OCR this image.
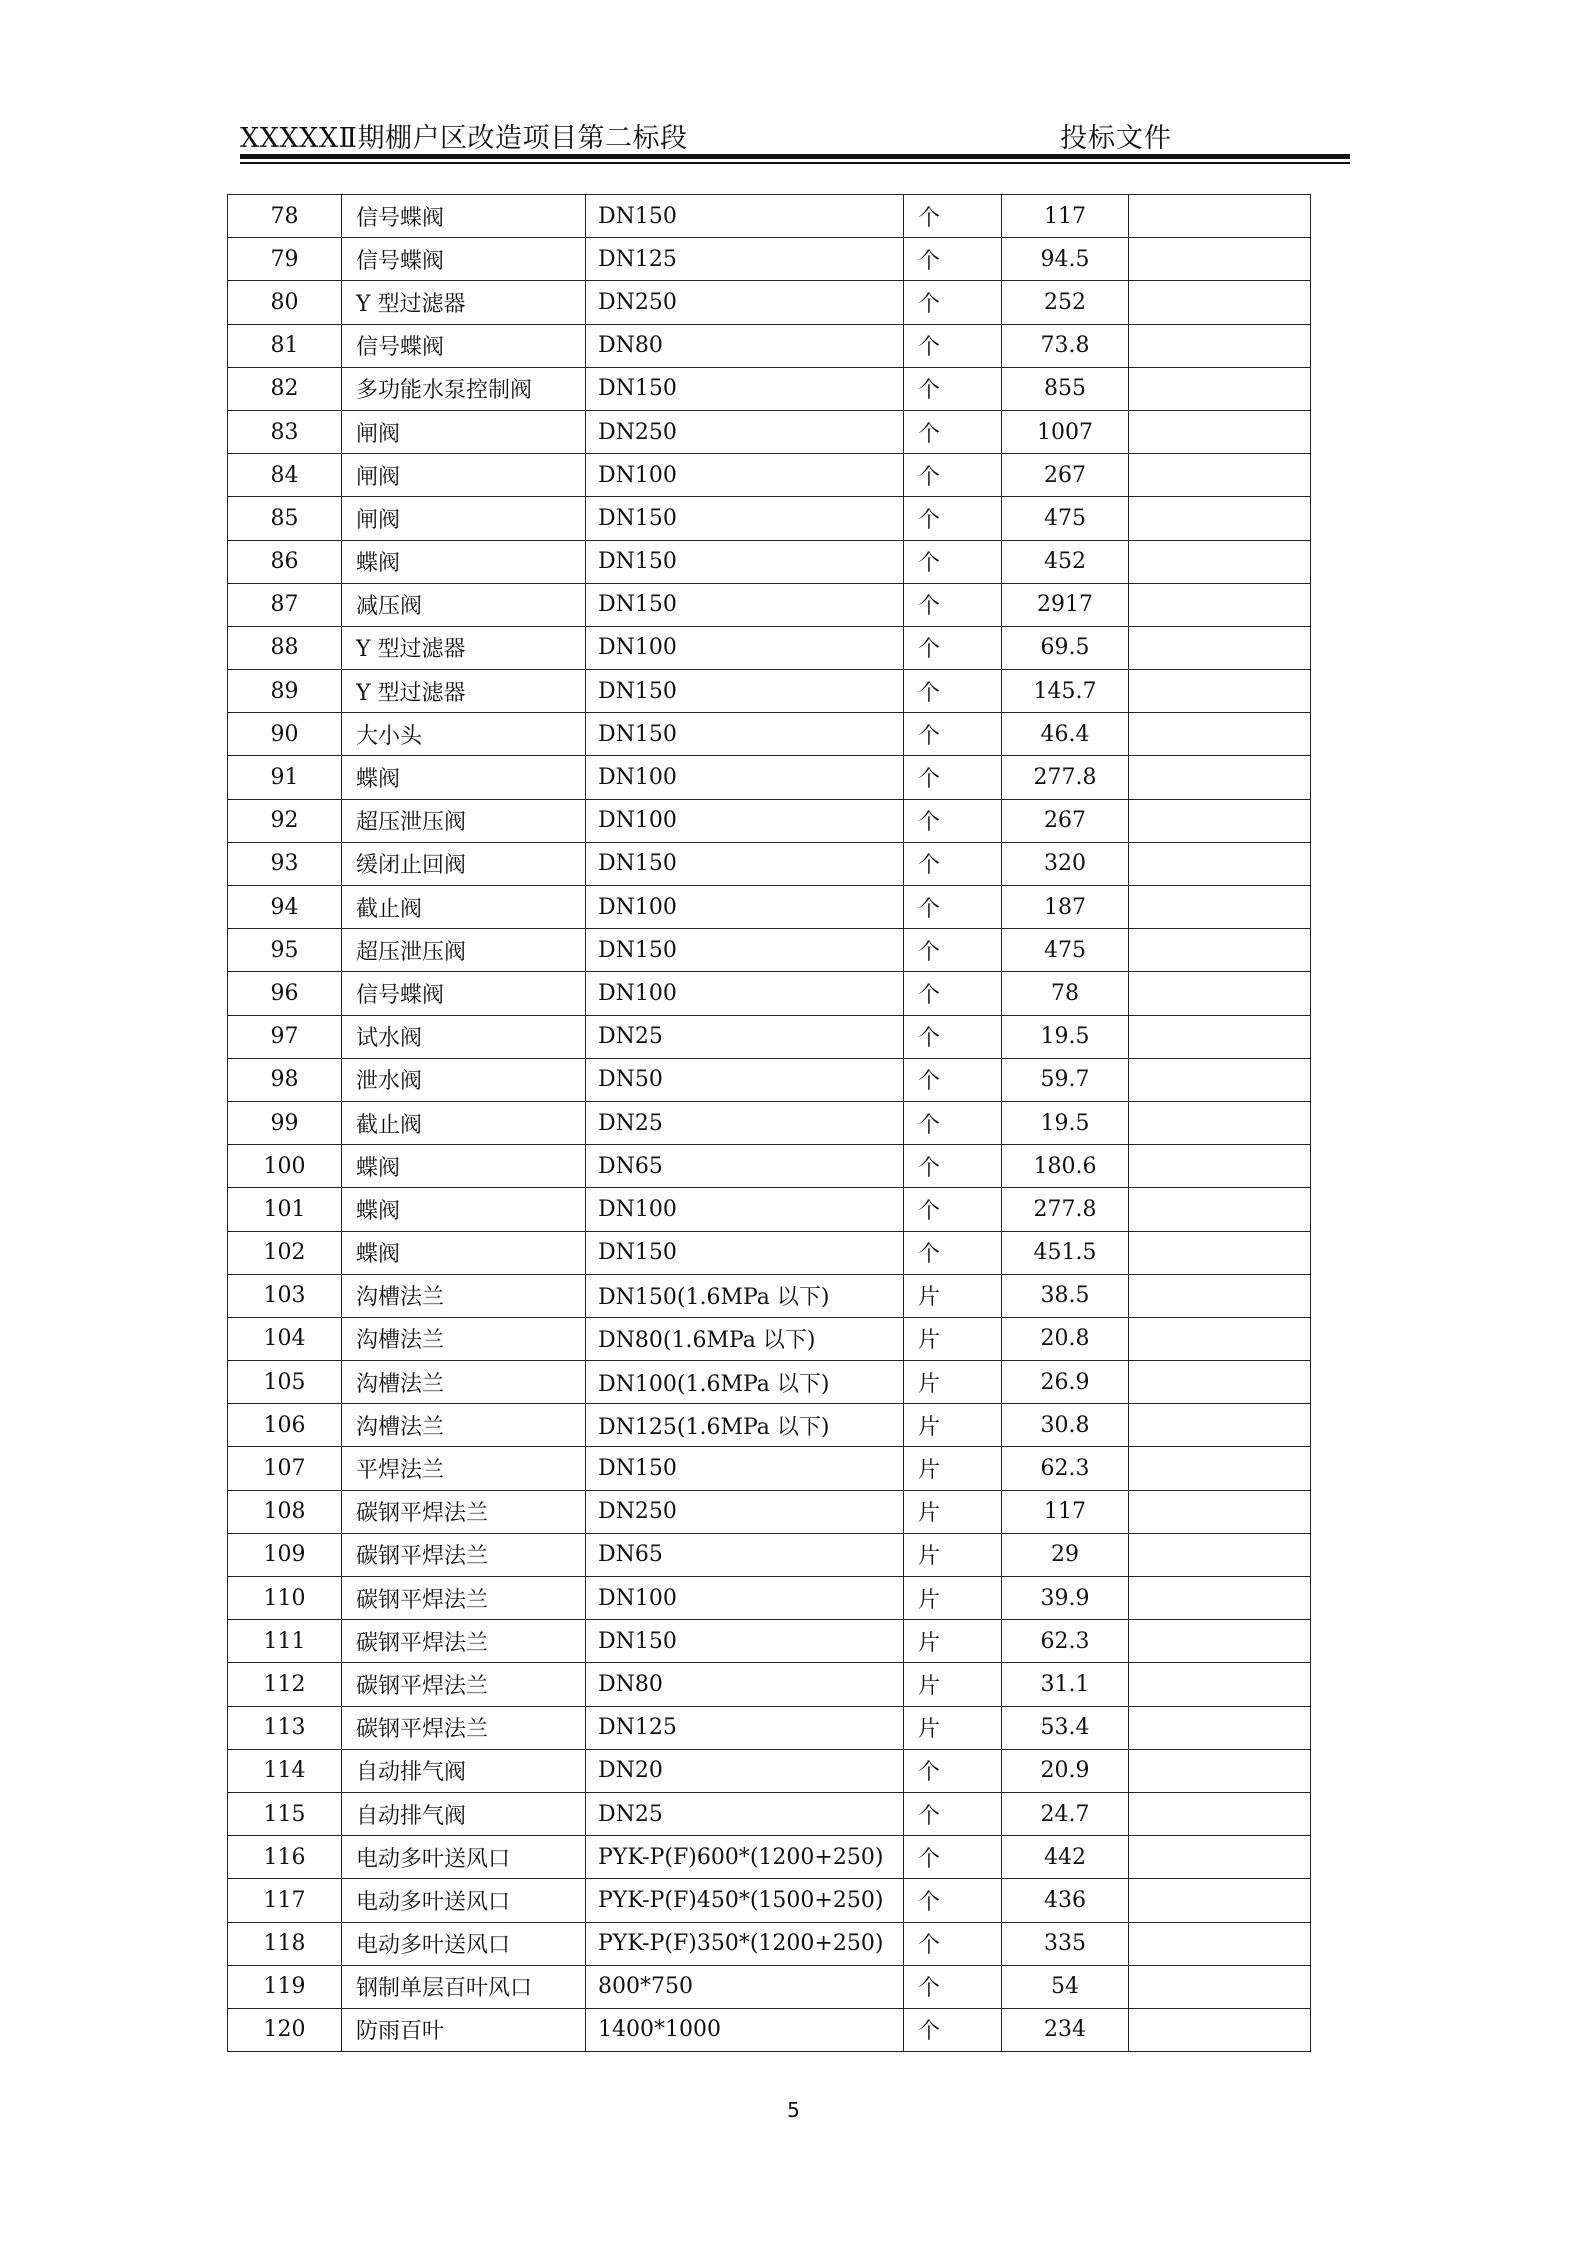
XXXXXⅡ期棚户区改造项目第二标段	投标文件
78	信号蝶阀	DN150	个	117	
79	信号蝶阀	DN125	个	94.5	
80	Y 型过滤器	DN250	个	252	
81	信号蝶阀	DN80	个	73.8	
82	多功能水泵控制阀	DN150	个	855	
83	闸阀	DN250	个	1007	
84	闸阀	DN100	个	267	
85	闸阀	DN150	个	475	
86	蝶阀	DN150	个	452	
87	减压阀	DN150	个	2917	
88	Y 型过滤器	DN100	个	69.5	
89	Y 型过滤器	DN150	个	145.7	
90	大小头	DN150	个	46.4	
91	蝶阀	DN100	个	277.8	
92	超压泄压阀	DN100	个	267	
93	缓闭止回阀	DN150	个	320	
94	截止阀	DN100	个	187	
95	超压泄压阀	DN150	个	475	
96	信号蝶阀	DN100	个	78	
97	试水阀	DN25	个	19.5	
98	泄水阀	DN50	个	59.7	
99	截止阀	DN25	个	19.5	
100	蝶阀	DN65	个	180.6	
101	蝶阀	DN100	个	277.8	
102	蝶阀	DN150	个	451.5	
103	沟槽法兰	DN150(1.6MPa 以下)	片	38.5	
104	沟槽法兰	DN80(1.6MPa 以下)	片	20.8	
105	沟槽法兰	DN100(1.6MPa 以下)	片	26.9	
106	沟槽法兰	DN125(1.6MPa 以下)	片	30.8	
107	平焊法兰	DN150	片	62.3	
108	碳钢平焊法兰	DN250	片	117	
109	碳钢平焊法兰	DN65	片	29	
110	碳钢平焊法兰	DN100	片	39.9	
111	碳钢平焊法兰	DN150	片	62.3	
112	碳钢平焊法兰	DN80	片	31.1	
113	碳钢平焊法兰	DN125	片	53.4	
114	自动排气阀	DN20	个	20.9	
115	自动排气阀	DN25	个	24.7	
116	电动多叶送风口	PYK-P(F)600*(1200+250)	个	442	
117	电动多叶送风口	PYK-P(F)450*(1500+250)	个	436	
118	电动多叶送风口	PYK-P(F)350*(1200+250)	个	335	
119	钢制单层百叶风口	800*750	个	54	
120	防雨百叶	1400*1000	个	234	
5
